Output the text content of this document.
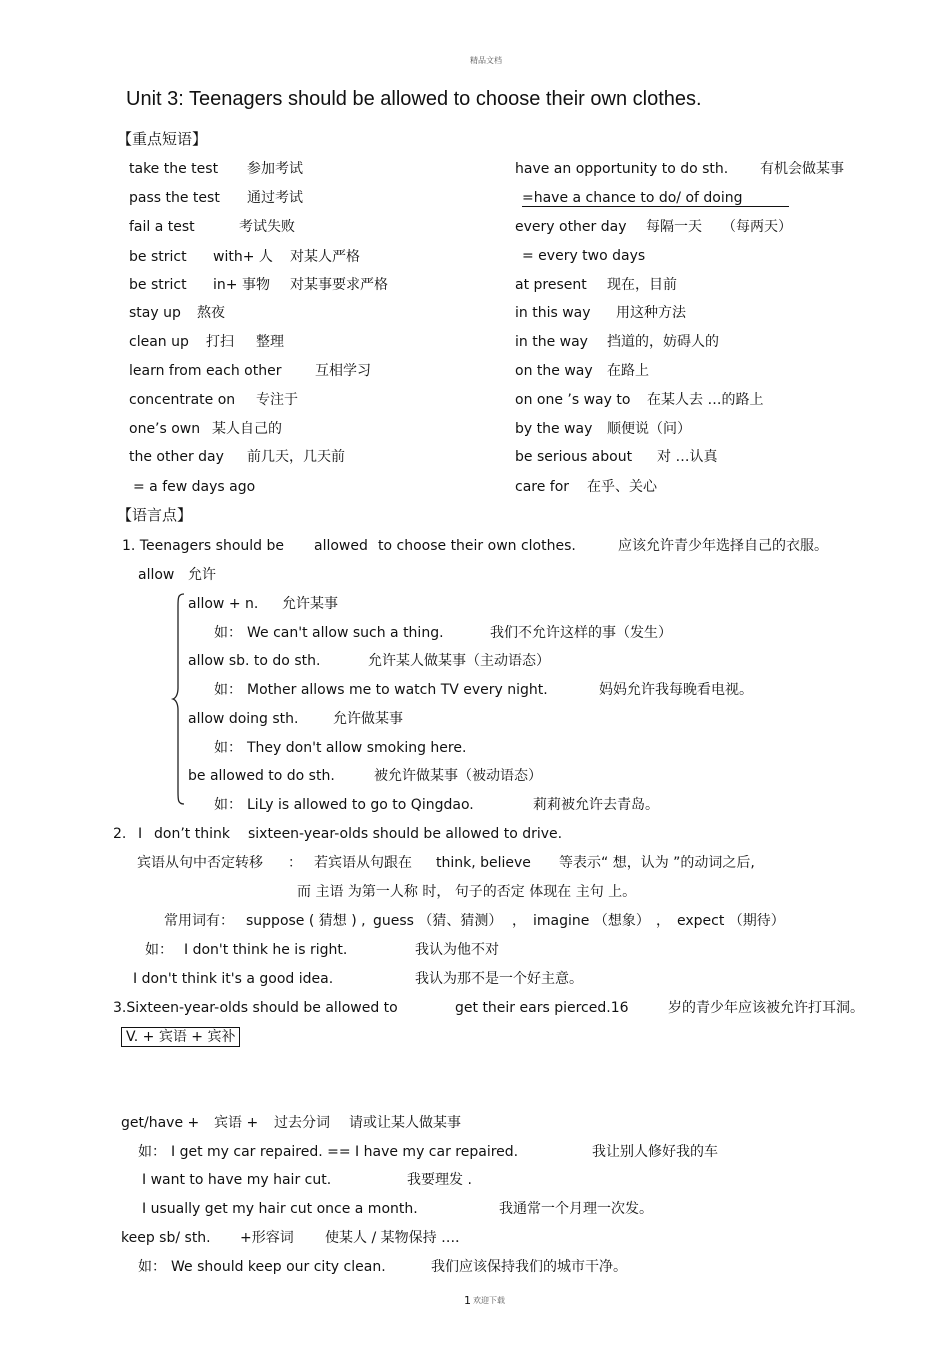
精品文档
Unit 3: Teenagers should be allowed to choose their own clothes.
【重点短语】
take the test 参加考试
pass the test 通过考试
fail a test	考试失败
be strict with+ 人 对某人严格
be strict in+ 事物 对某事要求严格
stay up 熬夜
clean up 打扫 整理
learn from each other 互相学习
concentrate on 专注于
one’s own 某人自己的
the other day 前几天，几天前
= a few days ago
have an opportunity to do sth. 有机会做某事
=have a chance to do/ of doing
every other day 每隔一天 （每两天）
= every two days
at present 现在，目前
in this way 用这种方法
in the way 挡道的，妨碍人的
on the way 在路上
on one ’s way to 在某人去 …的路上
by the way 顺便说（问）
be serious about 对 …认真
care for 在乎、关心
【语言点】
1. Teenagers should be allowed to choose their own clothes.	应该允许青少年选择自己的衣服。
allow 允许
allow + n. 允许某事
如： We can't allow such a thing.	我们不允许这样的事（发生）
allow sb. to do sth.	允许某人做某事（主动语态）
如： Mother allows me to watch TV every night.	妈妈允许我每晚看电视。
allow doing sth. 允许做某事
如： They don't allow smoking here.
be allowed to do sth.	被允许做某事（被动语态）
如： LiLy is allowed to go to Qingdao.	莉莉被允许去青岛。
2. I don’t think sixteen-year-olds should be allowed to drive.
宾语从句中否定转移 ： 若宾语从句跟在 think, believe 等表示“ 想，认为 ”的动词之后,
而 主语 为第一人称 时， 句子的否定 体现在 主句 上。
常用词有： suppose ( 猜想 ) , guess （猜、猜测） ， imagine （想象） ， expect （期待）
如： I don't think he is right.	我认为他不对
I don't think it's a good idea.	我认为那不是一个好主意。
3.Sixteen-year-olds should be allowed to	get their ears pierced.16	岁的青少年应该被允许打耳洞。
V. + 宾语 + 宾补
get/have + 宾语 + 过去分词 请或让某人做某事
如： I get my car repaired. == I have my car repaired.	我让别人修好我的车
I want to have my hair cut.	我要理发 .
I usually get my hair cut once a month.	我通常一个月理一次发。
keep sb/ sth. +形容词 使某人 / 某物保持 …．
如： We should keep our city clean.	我们应该保持我们的城市干净。
1 欢迎下载
